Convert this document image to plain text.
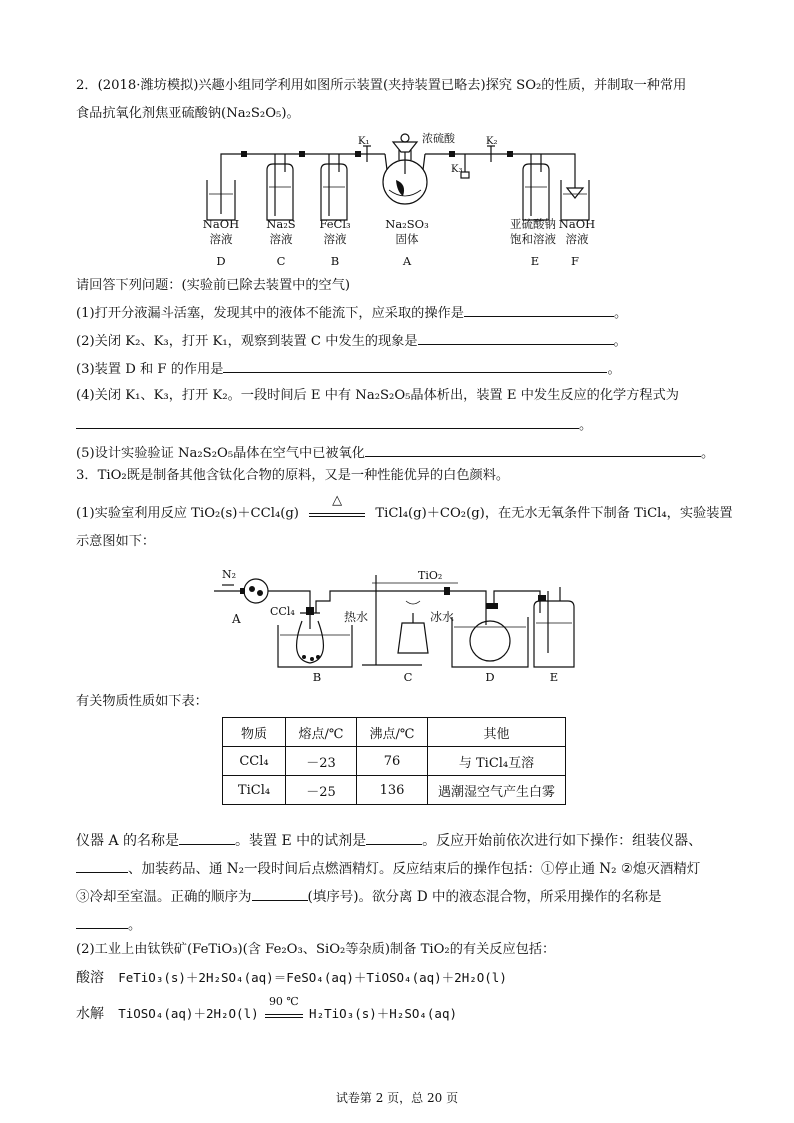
2．(2018·潍坊模拟)兴趣小组同学利用如图所示装置(夹持装置已略去)探究 SO₂的性质，并制取一种常用
食品抗氧化剂焦亚硫酸钠(Na₂S₂O₅)。
K₁	浓硫酸	K₂
K₃
NaOH
溶液
D
Na₂S
溶液
C
FeCl₃
溶液
B
Na₂SO₃
固体
A
亚硫酸钠
饱和溶液
E
NaOH
溶液
F
请回答下列问题：(实验前已除去装置中的空气)
(1)打开分液漏斗活塞，发现其中的液体不能流下，应采取的操作是	。
(2)关闭 K₂、K₃，打开 K₁，观察到装置 C 中发生的现象是	。
(3)装置 D 和 F 的作用是	。
(4)关闭 K₁、K₃，打开 K₂。一段时间后 E 中有 Na₂S₂O₅晶体析出，装置 E 中发生反应的化学方程式为
。
(5)设计实验验证 Na₂S₂O₅晶体在空气中已被氧化	。
3．TiO₂既是制备其他含钛化合物的原料，又是一种性能优异的白色颜料。
(1)实验室利用反应 TiO₂(s)＋CCl₄(g)
△
TiCl₄(g)＋CO₂(g)，在无水无氧条件下制备 TiCl₄，实验装置
示意图如下：
N₂
A
CCl₄	热水
TiO₂
冰水
B	C	D	E
有关物质性质如下表：
物质	熔点/℃	沸点/℃	其他
CCl₄	－23	76	与 TiCl₄互溶
TiCl₄	－25	136	遇潮湿空气产生白雾
仪器 A 的名称是	。装置 E 中的试剂是	。反应开始前依次进行如下操作：组装仪器、
、加装药品、通 N₂一段时间后点燃酒精灯。反应结束后的操作包括：①停止通 N₂ ②熄灭酒精灯
③冷却至室温。正确的顺序为	(填序号)。欲分离 D 中的液态混合物，所采用操作的名称是
。
(2)工业上由钛铁矿(FeTiO₃)(含 Fe₂O₃、SiO₂等杂质)制备 TiO₂的有关反应包括：
酸溶 FeTiO₃(s)＋2H₂SO₄(aq)＝FeSO₄(aq)＋TiOSO₄(aq)＋2H₂O(l)
水解 TiOSO₄(aq)＋2H₂O(l)
90 ℃
H₂TiO₃(s)＋H₂SO₄(aq)
试卷第 2 页，总 20 页
